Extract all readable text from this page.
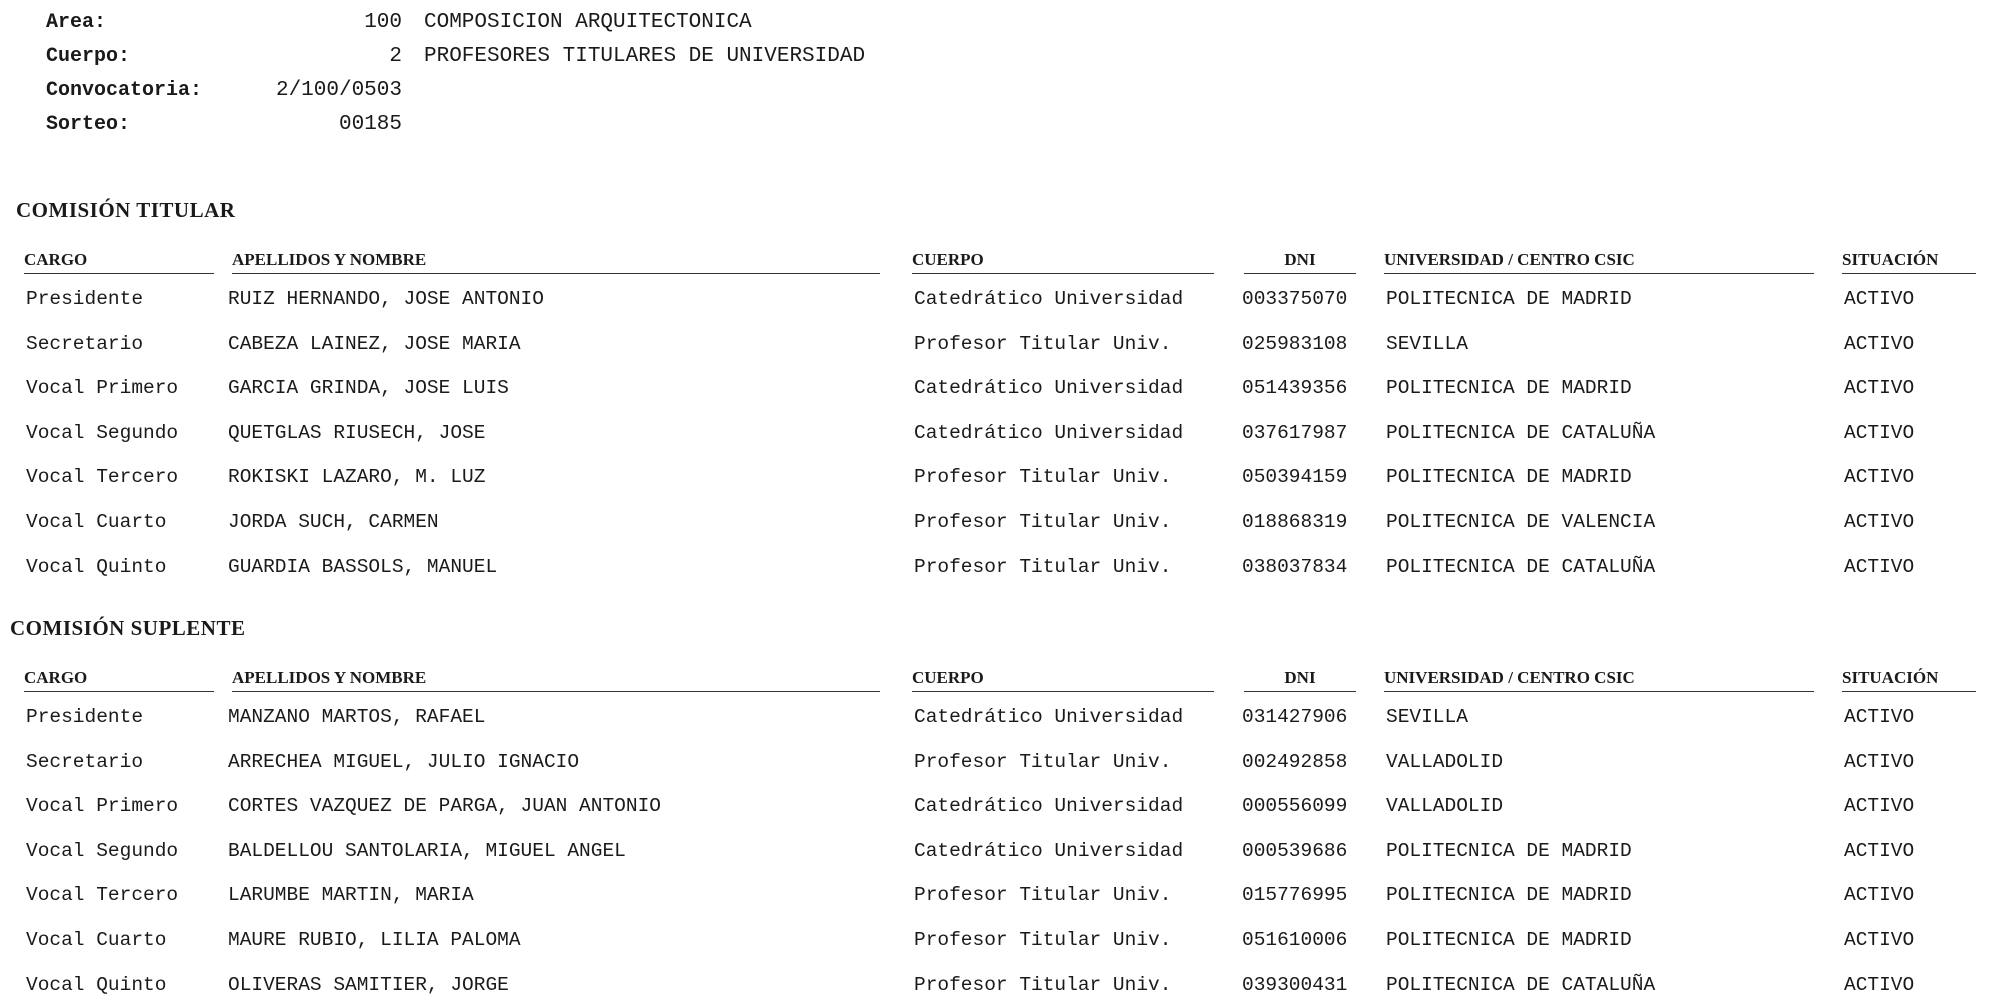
Area:	100 COMPOSICION ARQUITECTONICA
Cuerpo:	2 PROFESORES TITULARES DE UNIVERSIDAD
Convocatoria:	2/100/0503
Sorteo:	00185
COMISIÓN TITULAR
CARGO	APELLIDOS Y NOMBRE	CUERPO	DNI	UNIVERSIDAD / CENTRO CSIC	SITUACIÓN
Presidente	RUIZ HERNANDO, JOSE ANTONIO	Catedrático Universidad	003375070 POLITECNICA DE MADRID	ACTIVO
Secretario	CABEZA LAINEZ, JOSE MARIA	Profesor Titular Univ.	025983108 SEVILLA	ACTIVO
Vocal Primero	GARCIA GRINDA, JOSE LUIS	Catedrático Universidad	051439356 POLITECNICA DE MADRID	ACTIVO
Vocal Segundo	QUETGLAS RIUSECH, JOSE	Catedrático Universidad	037617987 POLITECNICA DE CATALUÑA	ACTIVO
Vocal Tercero	ROKISKI LAZARO, M. LUZ	Profesor Titular Univ.	050394159 POLITECNICA DE MADRID	ACTIVO
Vocal Cuarto	JORDA SUCH, CARMEN	Profesor Titular Univ.	018868319 POLITECNICA DE VALENCIA	ACTIVO
Vocal Quinto	GUARDIA BASSOLS, MANUEL	Profesor Titular Univ.	038037834 POLITECNICA DE CATALUÑA	ACTIVO
COMISIÓN SUPLENTE
CARGO	APELLIDOS Y NOMBRE	CUERPO	DNI	UNIVERSIDAD / CENTRO CSIC	SITUACIÓN
Presidente	MANZANO MARTOS, RAFAEL	Catedrático Universidad	031427906 SEVILLA	ACTIVO
Secretario	ARRECHEA MIGUEL, JULIO IGNACIO	Profesor Titular Univ.	002492858 VALLADOLID	ACTIVO
Vocal Primero	CORTES VAZQUEZ DE PARGA, JUAN ANTONIO	Catedrático Universidad	000556099 VALLADOLID	ACTIVO
Vocal Segundo	BALDELLOU SANTOLARIA, MIGUEL ANGEL	Catedrático Universidad	000539686 POLITECNICA DE MADRID	ACTIVO
Vocal Tercero	LARUMBE MARTIN, MARIA	Profesor Titular Univ.	015776995 POLITECNICA DE MADRID	ACTIVO
Vocal Cuarto	MAURE RUBIO, LILIA PALOMA	Profesor Titular Univ.	051610006 POLITECNICA DE MADRID	ACTIVO
Vocal Quinto	OLIVERAS SAMITIER, JORGE	Profesor Titular Univ.	039300431 POLITECNICA DE CATALUÑA	ACTIVO
